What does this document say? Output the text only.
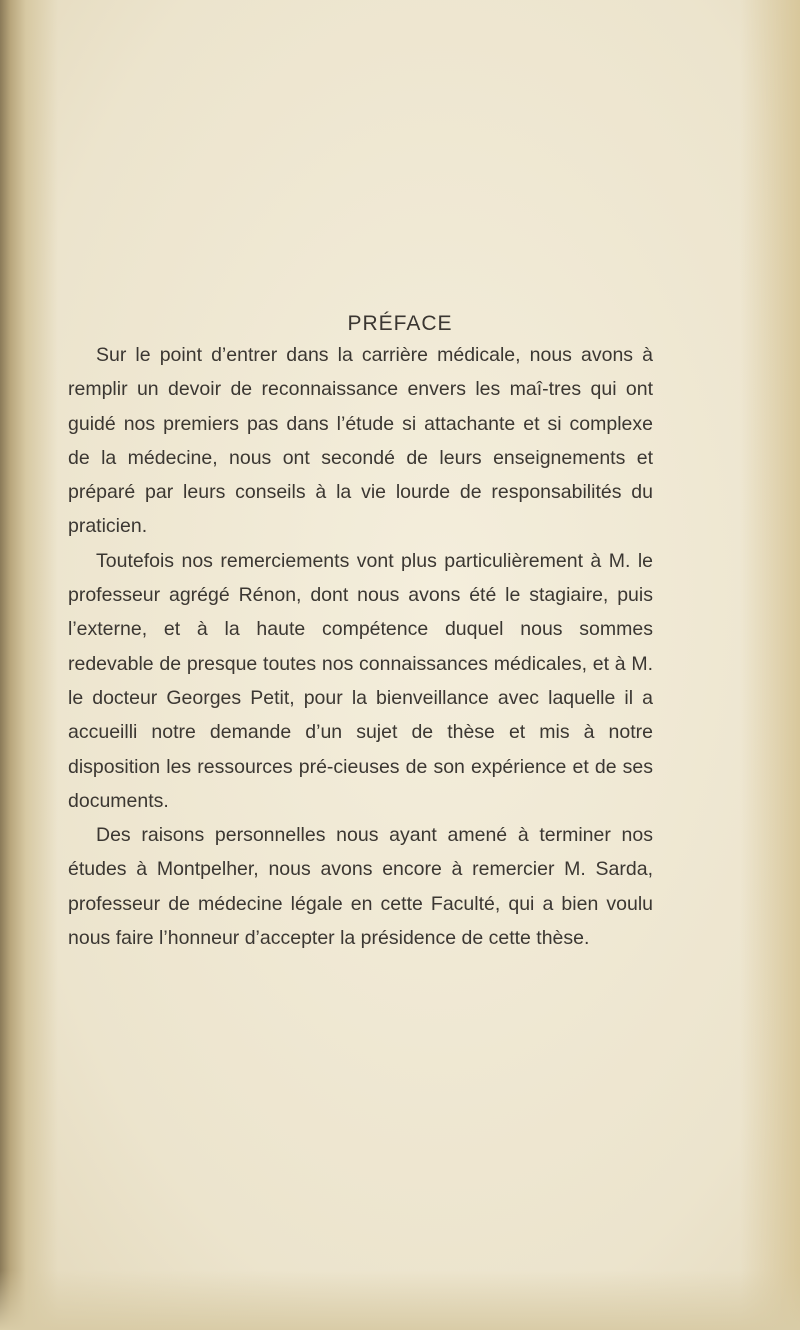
PRÉFACE

Sur le point d’entrer dans la carrière médicale, nous avons à remplir un devoir de reconnaissance envers les maî-tres qui ont guidé nos premiers pas dans l’étude si attachante et si complexe de la médecine, nous ont secondé de leurs enseignements et préparé par leurs conseils à la vie lourde de responsabilités du praticien.

Toutefois nos remerciements vont plus particulièrement à M. le professeur agrégé Rénon, dont nous avons été le stagiaire, puis l’externe, et à la haute compétence duquel nous sommes redevable de presque toutes nos connaissances médicales, et à M. le docteur Georges Petit, pour la bienveillance avec laquelle il a accueilli notre demande d’un sujet de thèse et mis à notre disposition les ressources pré-cieuses de son expérience et de ses documents.

Des raisons personnelles nous ayant amené à terminer nos études à Montpelher, nous avons encore à remercier M. Sarda, professeur de médecine légale en cette Faculté, qui a bien voulu nous faire l’honneur d’accepter la présidence de cette thèse.
